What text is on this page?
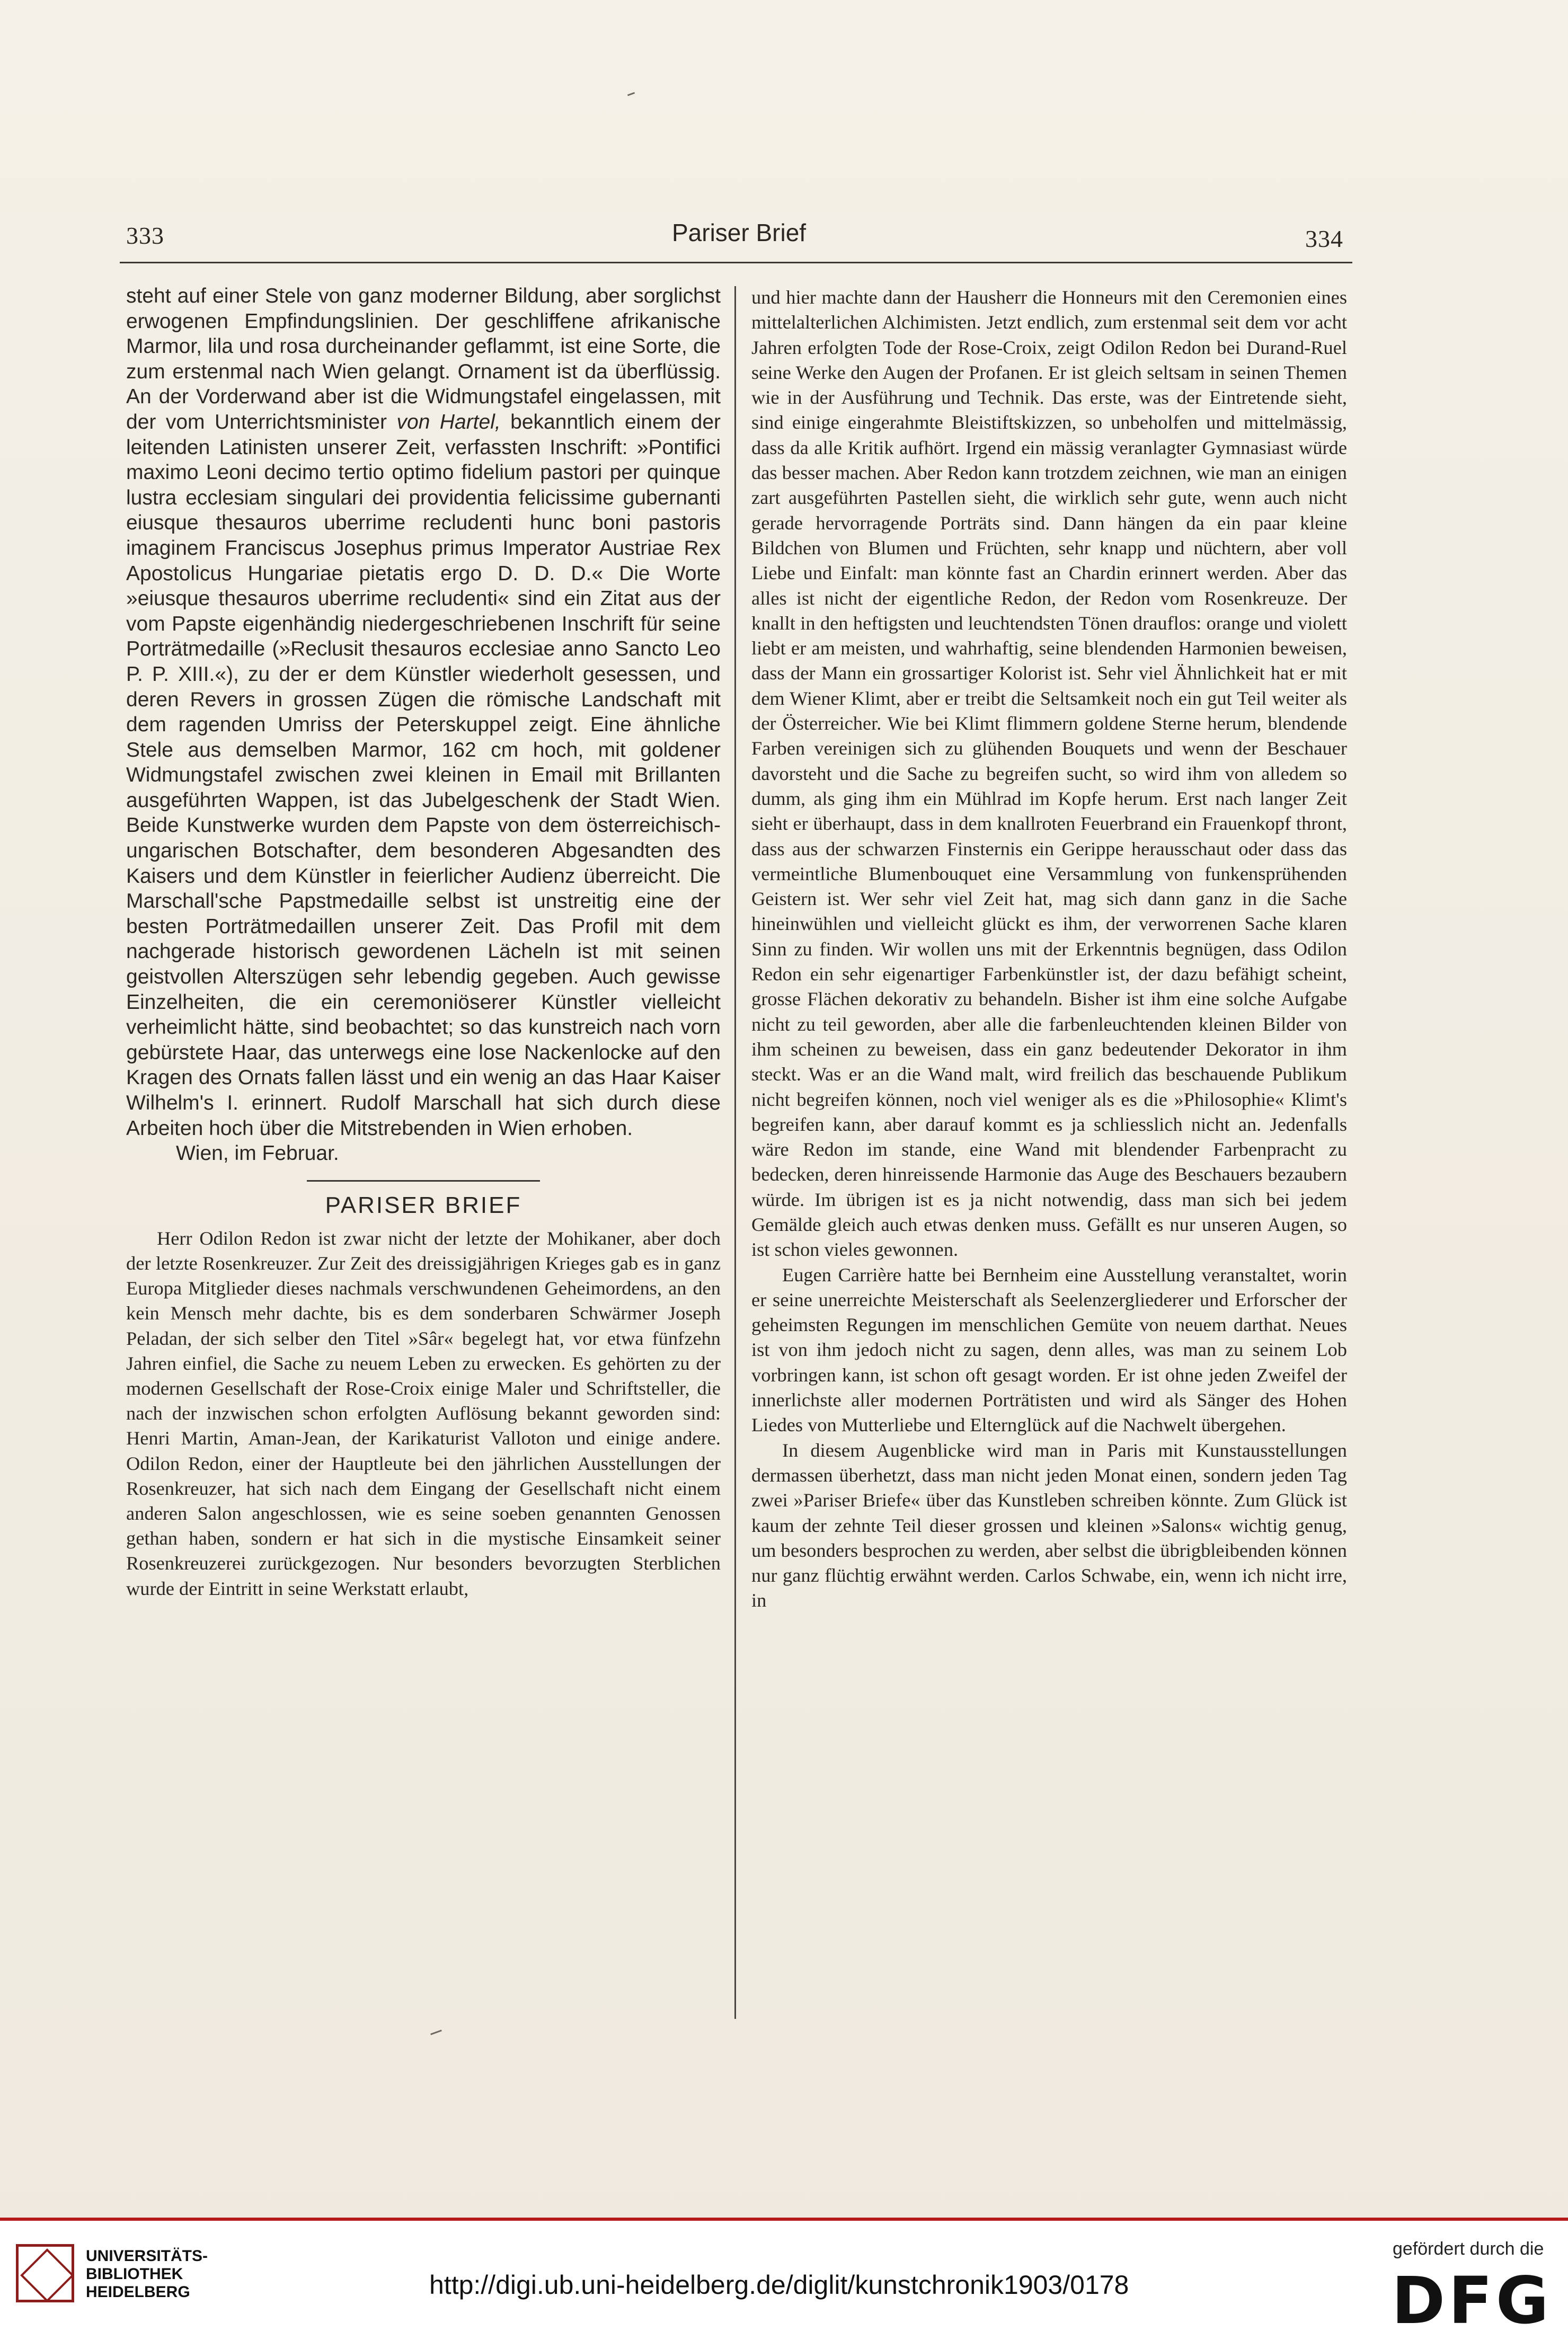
333	Pariser Brief	334

steht auf einer Stele von ganz moderner Bildung, aber sorglichst erwogenen Empfindungslinien. Der geschliffene afrikanische Marmor, lila und rosa durcheinander geflammt, ist eine Sorte, die zum erstenmal nach Wien gelangt. Ornament ist da überflüssig. An der Vorderwand aber ist die Widmungstafel eingelassen, mit der vom Unterrichtsminister von Hartel, bekanntlich einem der leitenden Latinisten unserer Zeit, verfassten Inschrift: »Pontifici maximo Leoni decimo tertio optimo fidelium pastori per quinque lustra ecclesiam singulari dei providentia felicissime gubernanti eiusque thesauros uberrime recludenti hunc boni pastoris imaginem Franciscus Josephus primus Imperator Austriae Rex Apostolicus Hungariae pietatis ergo D. D. D.« Die Worte »eiusque thesauros uberrime recludenti« sind ein Zitat aus der vom Papste eigenhändig niedergeschriebenen Inschrift für seine Porträtmedaille (»Reclusit thesauros ecclesiae anno Sancto Leo P. P. XIII.«), zu der er dem Künstler wiederholt gesessen, und deren Revers in grossen Zügen die römische Landschaft mit dem ragenden Umriss der Peterskuppel zeigt. Eine ähnliche Stele aus demselben Marmor, 162 cm hoch, mit goldener Widmungstafel zwischen zwei kleinen in Email mit Brillanten ausgeführten Wappen, ist das Jubelgeschenk der Stadt Wien. Beide Kunstwerke wurden dem Papste von dem österreichisch-ungarischen Botschafter, dem besonderen Abgesandten des Kaisers und dem Künstler in feierlicher Audienz überreicht. Die Marschall'sche Papstmedaille selbst ist unstreitig eine der besten Porträtmedaillen unserer Zeit. Das Profil mit dem nachgerade historisch gewordenen Lächeln ist mit seinen geistvollen Alterszügen sehr lebendig gegeben. Auch gewisse Einzelheiten, die ein ceremoniöserer Künstler vielleicht verheimlicht hätte, sind beobachtet; so das kunstreich nach vorn gebürstete Haar, das unterwegs eine lose Nackenlocke auf den Kragen des Ornats fallen lässt und ein wenig an das Haar Kaiser Wilhelm's I. erinnert. Rudolf Marschall hat sich durch diese Arbeiten hoch über die Mitstrebenden in Wien erhoben.

Wien, im Februar.

PARISER BRIEF

Herr Odilon Redon ist zwar nicht der letzte der Mohikaner, aber doch der letzte Rosenkreuzer. Zur Zeit des dreissigjährigen Krieges gab es in ganz Europa Mitglieder dieses nachmals verschwundenen Geheimordens, an den kein Mensch mehr dachte, bis es dem sonderbaren Schwärmer Joseph Peladan, der sich selber den Titel »Sâr« begelegt hat, vor etwa fünfzehn Jahren einfiel, die Sache zu neuem Leben zu erwecken. Es gehörten zu der modernen Gesellschaft der Rose-Croix einige Maler und Schriftsteller, die nach der inzwischen schon erfolgten Auflösung bekannt geworden sind: Henri Martin, Aman-Jean, der Karikaturist Valloton und einige andere. Odilon Redon, einer der Hauptleute bei den jährlichen Ausstellungen der Rosenkreuzer, hat sich nach dem Eingang der Gesellschaft nicht einem anderen Salon angeschlossen, wie es seine soeben genannten Genossen gethan haben, sondern er hat sich in die mystische Einsamkeit seiner Rosenkreuzerei zurückgezogen. Nur besonders bevorzugten Sterblichen wurde der Eintritt in seine Werkstatt erlaubt,

und hier machte dann der Hausherr die Honneurs mit den Ceremonien eines mittelalterlichen Alchimisten. Jetzt endlich, zum erstenmal seit dem vor acht Jahren erfolgten Tode der Rose-Croix, zeigt Odilon Redon bei Durand-Ruel seine Werke den Augen der Profanen. Er ist gleich seltsam in seinen Themen wie in der Ausführung und Technik. Das erste, was der Eintretende sieht, sind einige eingerahmte Bleistiftskizzen, so unbeholfen und mittelmässig, dass da alle Kritik aufhört. Irgend ein mässig veranlagter Gymnasiast würde das besser machen. Aber Redon kann trotzdem zeichnen, wie man an einigen zart ausgeführten Pastellen sieht, die wirklich sehr gute, wenn auch nicht gerade hervorragende Porträts sind. Dann hängen da ein paar kleine Bildchen von Blumen und Früchten, sehr knapp und nüchtern, aber voll Liebe und Einfalt: man könnte fast an Chardin erinnert werden. Aber das alles ist nicht der eigentliche Redon, der Redon vom Rosenkreuze. Der knallt in den heftigsten und leuchtendsten Tönen drauflos: orange und violett liebt er am meisten, und wahrhaftig, seine blendenden Harmonien beweisen, dass der Mann ein grossartiger Kolorist ist. Sehr viel Ähnlichkeit hat er mit dem Wiener Klimt, aber er treibt die Seltsamkeit noch ein gut Teil weiter als der Österreicher. Wie bei Klimt flimmern goldene Sterne herum, blendende Farben vereinigen sich zu glühenden Bouquets und wenn der Beschauer davorsteht und die Sache zu begreifen sucht, so wird ihm von alledem so dumm, als ging ihm ein Mühlrad im Kopfe herum. Erst nach langer Zeit sieht er überhaupt, dass in dem knallroten Feuerbrand ein Frauenkopf thront, dass aus der schwarzen Finsternis ein Gerippe herausschaut oder dass das vermeintliche Blumenbouquet eine Versammlung von funkensprühenden Geistern ist. Wer sehr viel Zeit hat, mag sich dann ganz in die Sache hineinwühlen und vielleicht glückt es ihm, der verworrenen Sache klaren Sinn zu finden. Wir wollen uns mit der Erkenntnis begnügen, dass Odilon Redon ein sehr eigenartiger Farbenkünstler ist, der dazu befähigt scheint, grosse Flächen dekorativ zu behandeln. Bisher ist ihm eine solche Aufgabe nicht zu teil geworden, aber alle die farbenleuchtenden kleinen Bilder von ihm scheinen zu beweisen, dass ein ganz bedeutender Dekorator in ihm steckt. Was er an die Wand malt, wird freilich das beschauende Publikum nicht begreifen können, noch viel weniger als es die »Philosophie« Klimt's begreifen kann, aber darauf kommt es ja schliesslich nicht an. Jedenfalls wäre Redon im stande, eine Wand mit blendender Farbenpracht zu bedecken, deren hinreissende Harmonie das Auge des Beschauers bezaubern würde. Im übrigen ist es ja nicht notwendig, dass man sich bei jedem Gemälde gleich auch etwas denken muss. Gefällt es nur unseren Augen, so ist schon vieles gewonnen.

Eugen Carrière hatte bei Bernheim eine Ausstellung veranstaltet, worin er seine unerreichte Meisterschaft als Seelenzergliederer und Erforscher der geheimsten Regungen im menschlichen Gemüte von neuem darthat. Neues ist von ihm jedoch nicht zu sagen, denn alles, was man zu seinem Lob vorbringen kann, ist schon oft gesagt worden. Er ist ohne jeden Zweifel der innerlichste aller modernen Porträtisten und wird als Sänger des Hohen Liedes von Mutterliebe und Elternglück auf die Nachwelt übergehen.

In diesem Augenblicke wird man in Paris mit Kunstausstellungen dermassen überhetzt, dass man nicht jeden Monat einen, sondern jeden Tag zwei »Pariser Briefe« über das Kunstleben schreiben könnte. Zum Glück ist kaum der zehnte Teil dieser grossen und kleinen »Salons« wichtig genug, um besonders besprochen zu werden, aber selbst die übrigbleibenden können nur ganz flüchtig erwähnt werden. Carlos Schwabe, ein, wenn ich nicht irre, in

UNIVERSITÄTS-
BIBLIOTHEK
HEIDELBERG	http://digi.ub.uni-heidelberg.de/diglit/kunstchronik1903/0178
gefördert durch die
DFG
